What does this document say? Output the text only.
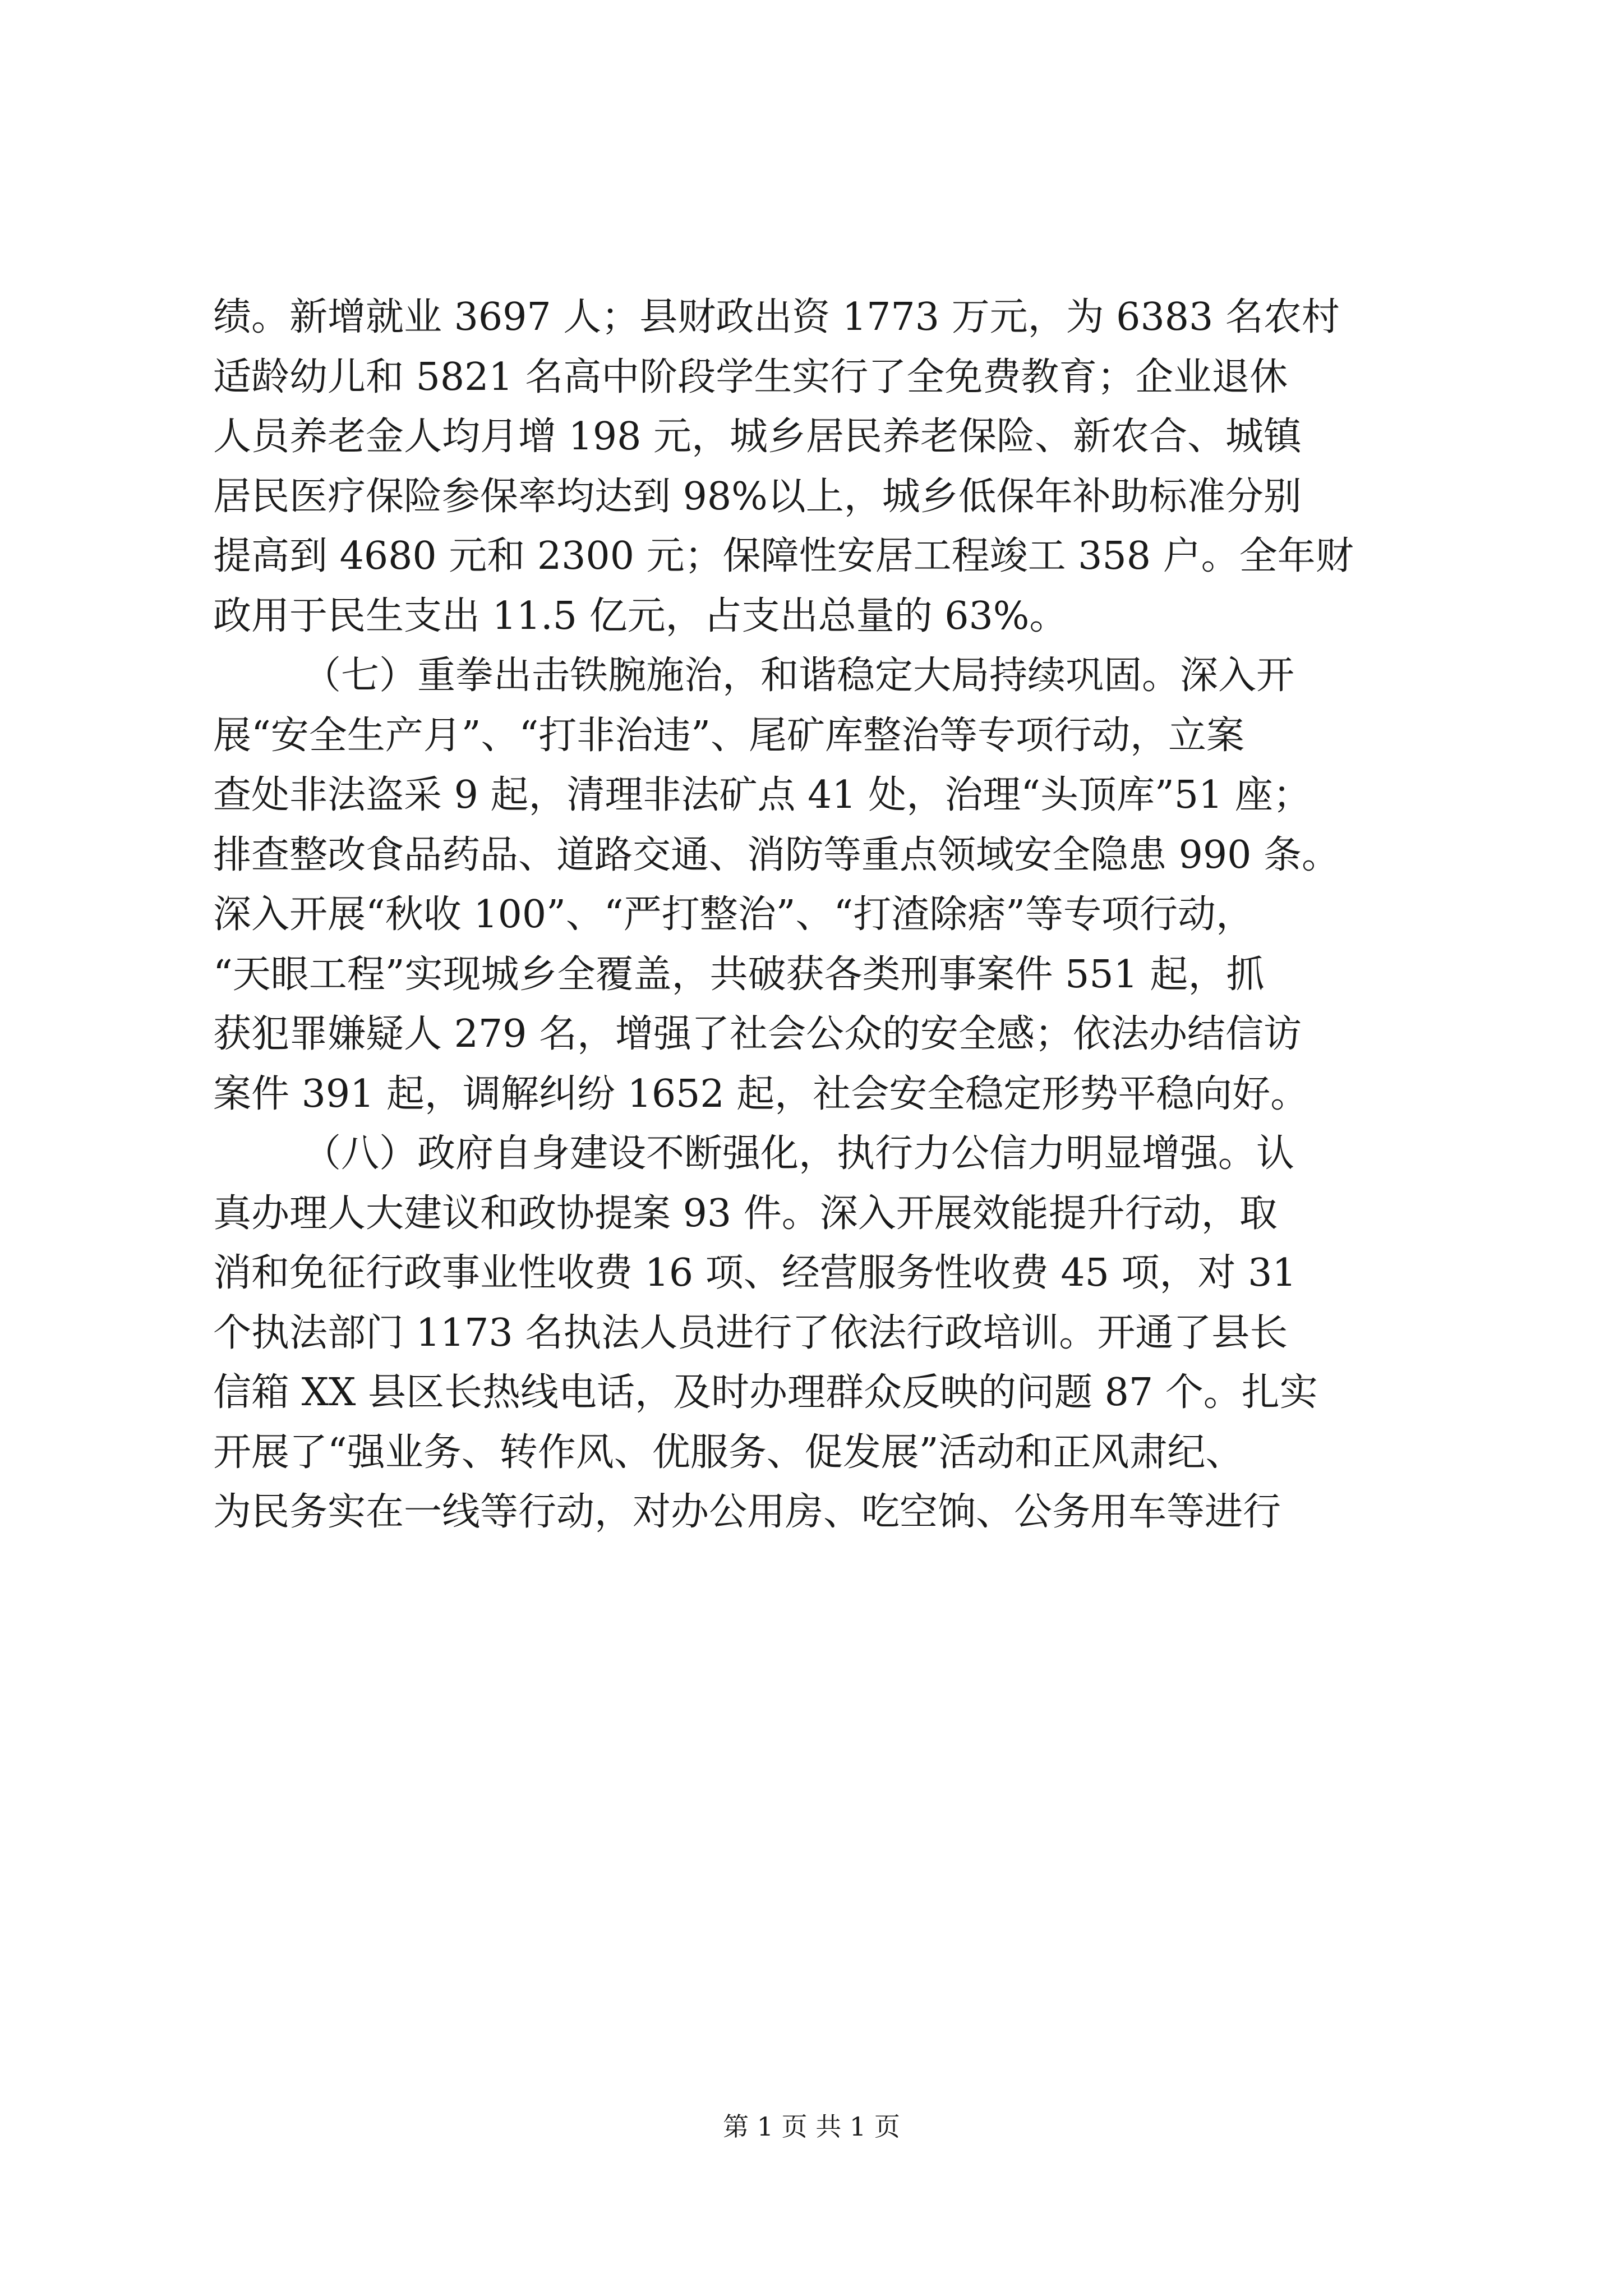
绩。新增就业 3697 人；县财政出资 1773 万元，为 6383 名农村
适龄幼儿和 5821 名高中阶段学生实行了全免费教育；企业退休
人员养老金人均月增 198 元，城乡居民养老保险、新农合、城镇
居民医疗保险参保率均达到 98%以上，城乡低保年补助标准分别
提高到 4680 元和 2300 元；保障性安居工程竣工 358 户。全年财
政用于民生支出 11.5 亿元，占支出总量的 63%。
（七）重拳出击铁腕施治，和谐稳定大局持续巩固。深入开
展“安全生产月”、“打非治违”、尾矿库整治等专项行动，立案
查处非法盗采 9 起，清理非法矿点 41 处，治理“头顶库”51 座；
排查整改食品药品、道路交通、消防等重点领域安全隐患 990 条。
深入开展“秋收 100”、“严打整治”、“打渣除痞”等专项行动，
“天眼工程”实现城乡全覆盖，共破获各类刑事案件 551 起，抓
获犯罪嫌疑人 279 名，增强了社会公众的安全感；依法办结信访
案件 391 起，调解纠纷 1652 起，社会安全稳定形势平稳向好。
（八）政府自身建设不断强化，执行力公信力明显增强。认
真办理人大建议和政协提案 93 件。深入开展效能提升行动，取
消和免征行政事业性收费 16 项、经营服务性收费 45 项，对 31
个执法部门 1173 名执法人员进行了依法行政培训。开通了县长
信箱 XX 县区长热线电话，及时办理群众反映的问题 87 个。扎实
开展了“强业务、转作风、优服务、促发展”活动和正风肃纪、
为民务实在一线等行动，对办公用房、吃空饷、公务用车等进行
第 1 页 共 1 页
